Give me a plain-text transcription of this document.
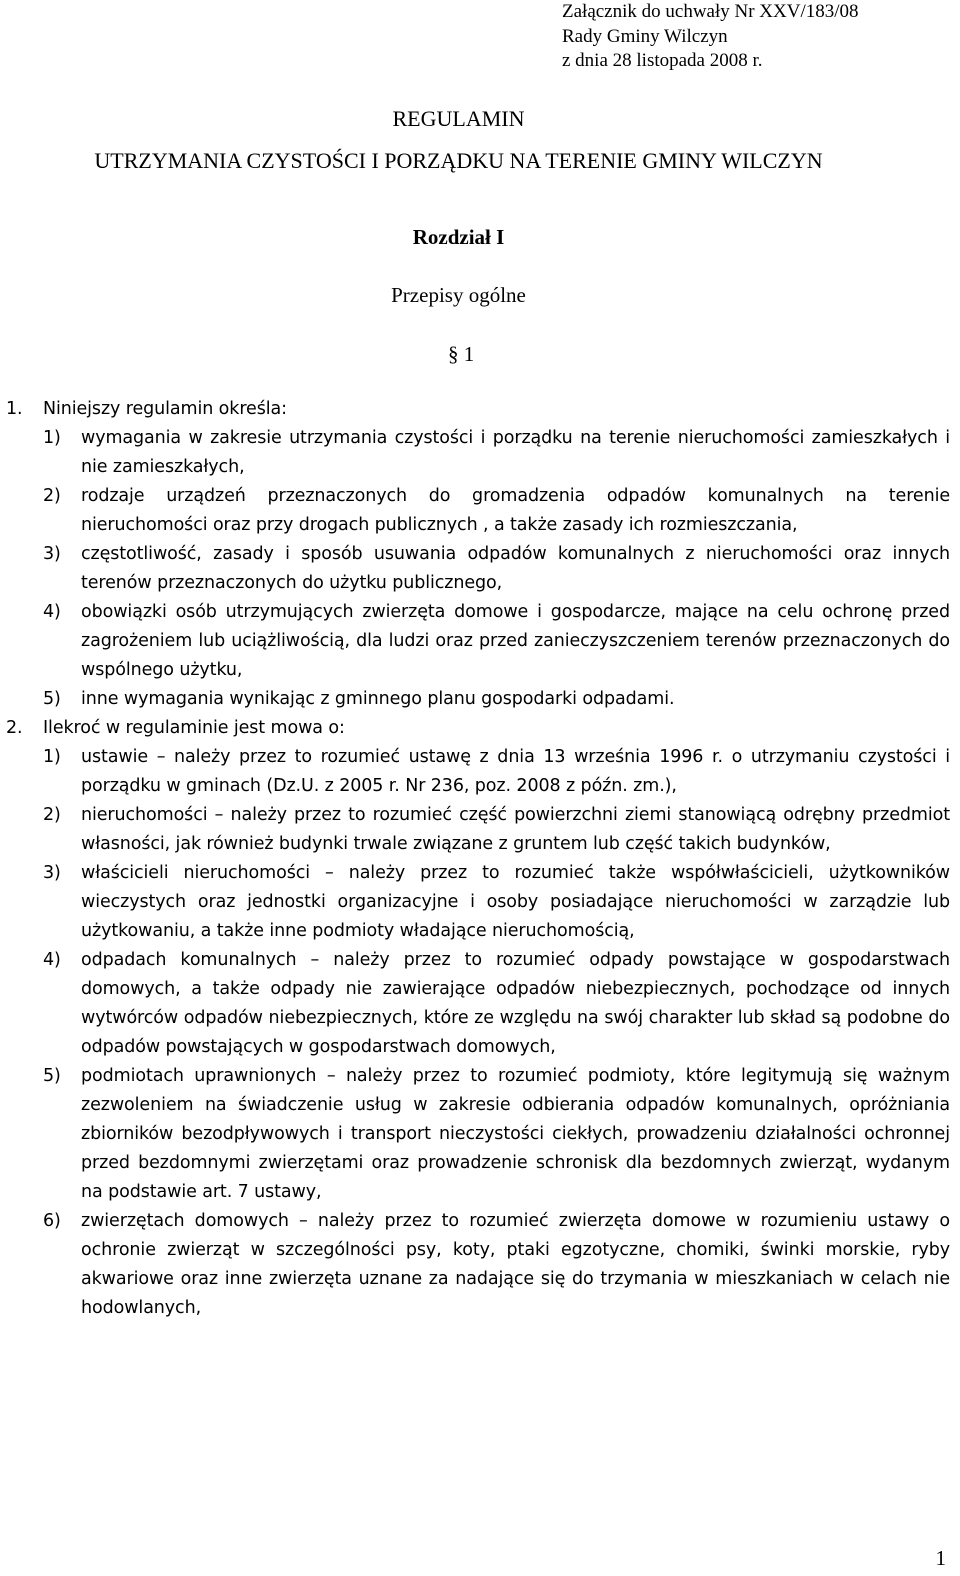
Załącznik do uchwały Nr XXV/183/08
Rady Gminy Wilczyn
z dnia 28 listopada 2008 r.
REGULAMIN
UTRZYMANIA CZYSTOŚCI I PORZĄDKU NA TERENIE GMINY WILCZYN
Rozdział I
Przepisy ogólne
§ 1
1. Niniejszy regulamin określa:
1) wymagania w zakresie utrzymania czystości i porządku na terenie nieruchomości zamieszkałych i nie zamieszkałych,
2) rodzaje urządzeń przeznaczonych do gromadzenia odpadów komunalnych na terenie nieruchomości oraz przy drogach publicznych , a także zasady ich rozmieszczania,
3) częstotliwość, zasady i sposób usuwania odpadów komunalnych z nieruchomości oraz innych terenów przeznaczonych do użytku publicznego,
4) obowiązki osób utrzymujących zwierzęta domowe i gospodarcze, mające na celu ochronę przed zagrożeniem lub uciążliwością, dla ludzi oraz przed zanieczyszczeniem terenów przeznaczonych do wspólnego użytku,
5) inne wymagania wynikając z gminnego planu gospodarki odpadami.
2. Ilekroć w regulaminie jest mowa o:
1) ustawie – należy przez to rozumieć ustawę z dnia 13 września 1996 r. o utrzymaniu czystości i porządku w gminach (Dz.U. z 2005 r. Nr 236, poz. 2008 z późn. zm.),
2) nieruchomości – należy przez to rozumieć część powierzchni ziemi stanowiącą odrębny przedmiot własności, jak również budynki trwale związane z gruntem lub część takich budynków,
3) właścicieli nieruchomości – należy przez to rozumieć także współwłaścicieli, użytkowników wieczystych oraz jednostki organizacyjne i osoby posiadające nieruchomości w zarządzie lub użytkowaniu, a także inne podmioty władające nieruchomością,
4) odpadach komunalnych – należy przez to rozumieć odpady powstające w gospodarstwach domowych, a także odpady nie zawierające odpadów niebezpiecznych, pochodzące od innych wytwórców odpadów niebezpiecznych, które ze względu na swój charakter lub skład są podobne do odpadów powstających w gospodarstwach domowych,
5) podmiotach uprawnionych – należy przez to rozumieć podmioty, które legitymują się ważnym zezwoleniem na świadczenie usług w zakresie odbierania odpadów komunalnych, opróżniania zbiorników bezodpływowych i transport nieczystości ciekłych, prowadzeniu działalności ochronnej przed bezdomnymi zwierzętami oraz prowadzenie schronisk dla bezdomnych zwierząt, wydanym na podstawie art. 7 ustawy,
6) zwierzętach domowych – należy przez to rozumieć zwierzęta domowe w rozumieniu ustawy o ochronie zwierząt w szczególności psy, koty, ptaki egzotyczne, chomiki, świnki morskie, ryby akwariowe oraz inne zwierzęta uznane za nadające się do trzymania w mieszkaniach w celach nie hodowlanych,
1
